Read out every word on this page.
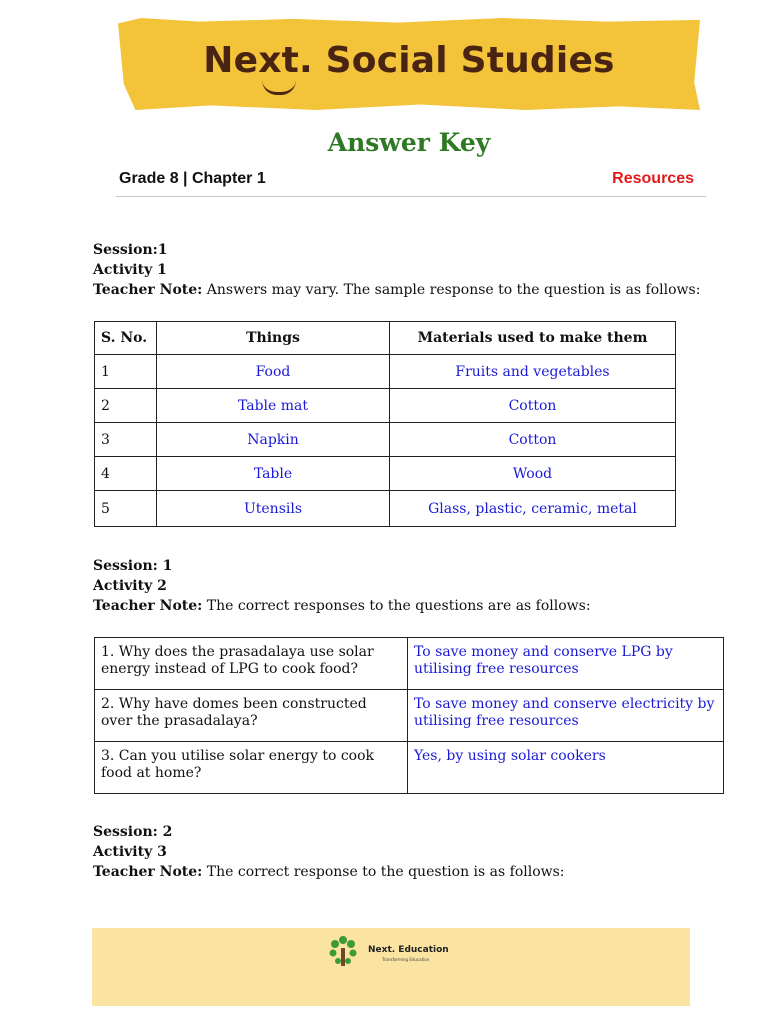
Next. Social Studies
Answer Key
Grade 8 | Chapter 1	Resources
Session:1
Activity 1
Teacher Note: Answers may vary. The sample response to the question is as follows:
S. No.	Things	Materials used to make them
1	Food	Fruits and vegetables
2	Table mat	Cotton
3	Napkin	Cotton
4	Table	Wood
5	Utensils	Glass, plastic, ceramic, metal
Session: 1
Activity 2
Teacher Note: The correct responses to the questions are as follows:
1. Why does the prasadalaya use solar energy instead of LPG to cook food?	To save money and conserve LPG by utilising free resources
2. Why have domes been constructed over the prasadalaya?	To save money and conserve electricity by utilising free resources
3. Can you utilise solar energy to cook food at home?	Yes, by using solar cookers
Session: 2
Activity 3
Teacher Note: The correct response to the question is as follows:
Next. Education
Transforming Education
